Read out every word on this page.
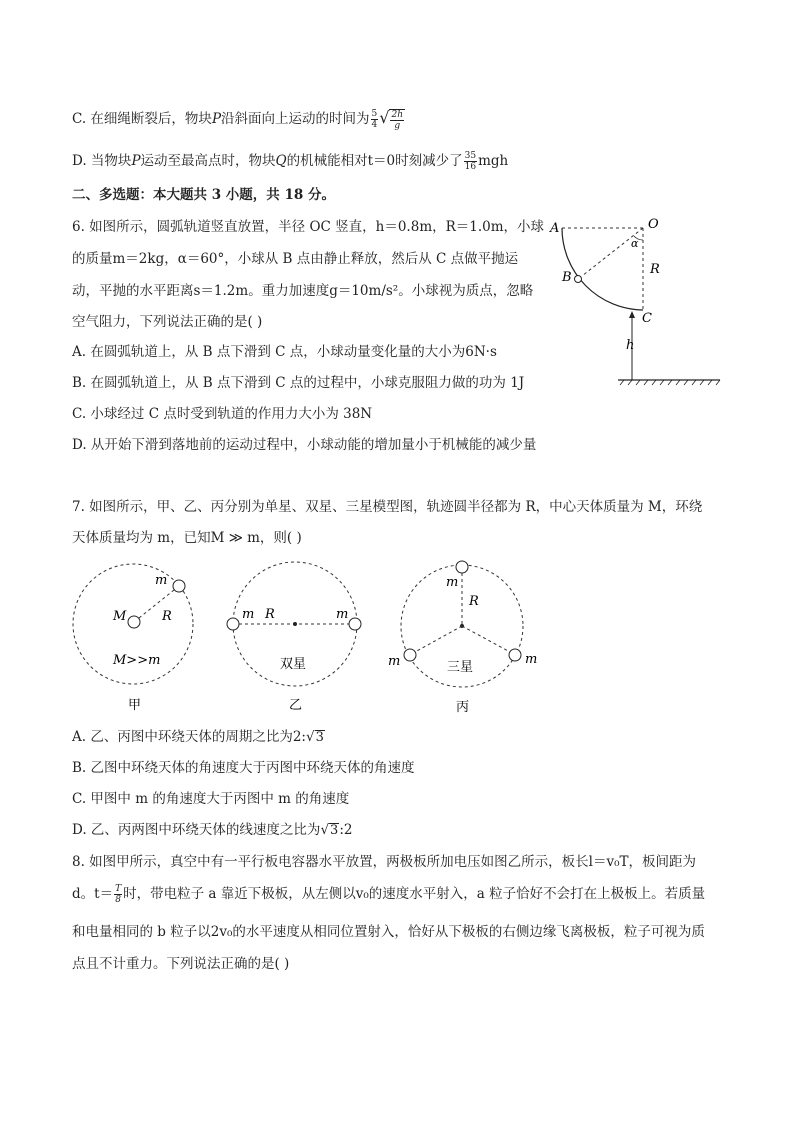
C. 在细绳断裂后，物块P沿斜面向上运动的时间为 $\frac{5}{4}$ √ $\frac{2h}{g}$
D. 当物块P运动至最高点时，物块Q的机械能相对t＝0时刻减少了 $\frac{35}{16}$ mgh
二、多选题：本大题共 3 小题，共 18 分。
6. 如图所示，圆弧轨道竖直放置，半径 OC 竖直，h＝0.8m，R＝1.0m，小球
的质量m＝2kg，α＝60°，小球从 B 点由静止释放，然后从 C 点做平抛运
动，平抛的水平距离s＝1.2m。重力加速度g＝10m/s²。小球视为质点，忽略
空气阻力，下列说法正确的是( )
A. 在圆弧轨道上，从 B 点下滑到 C 点，小球动量变化量的大小为6N·s
B. 在圆弧轨道上，从 B 点下滑到 C 点的过程中，小球克服阻力做的功为 1J
C. 小球经过 C 点时受到轨道的作用力大小为 38N
D. 从开始下滑到落地前的运动过程中，小球动能的增加量小于机械能的减少量
A	O
α
B
R
C
h
7. 如图所示，甲、乙、丙分别为单星、双星、三星模型图，轨迹圆半径都为 R，中心天体质量为 M，环绕
天体质量均为 m，已知M ≫ m，则( )
M
m
R
M>>m
甲
m R	m
双星
乙
m
R
m	m
三星
丙
A. 乙、丙图中环绕天体的周期之比为2:√3
B. 乙图中环绕天体的角速度大于丙图中环绕天体的角速度
C. 甲图中 m 的角速度大于丙图中 m 的角速度
D. 乙、丙两图中环绕天体的线速度之比为√3:2
8. 如图甲所示，真空中有一平行板电容器水平放置，两极板所加电压如图乙所示，板长l＝v₀T，板间距为
d。$t= \frac{T}{8}$ 时，带电粒子 a 靠近下极板，从左侧以v₀的速度水平射入，a 粒子恰好不会打在上极板上。若质量
和电量相同的 b 粒子以2v₀的水平速度从相同位置射入，恰好从下极板的右侧边缘飞离极板，粒子可视为质
点且不计重力。下列说法正确的是( )
